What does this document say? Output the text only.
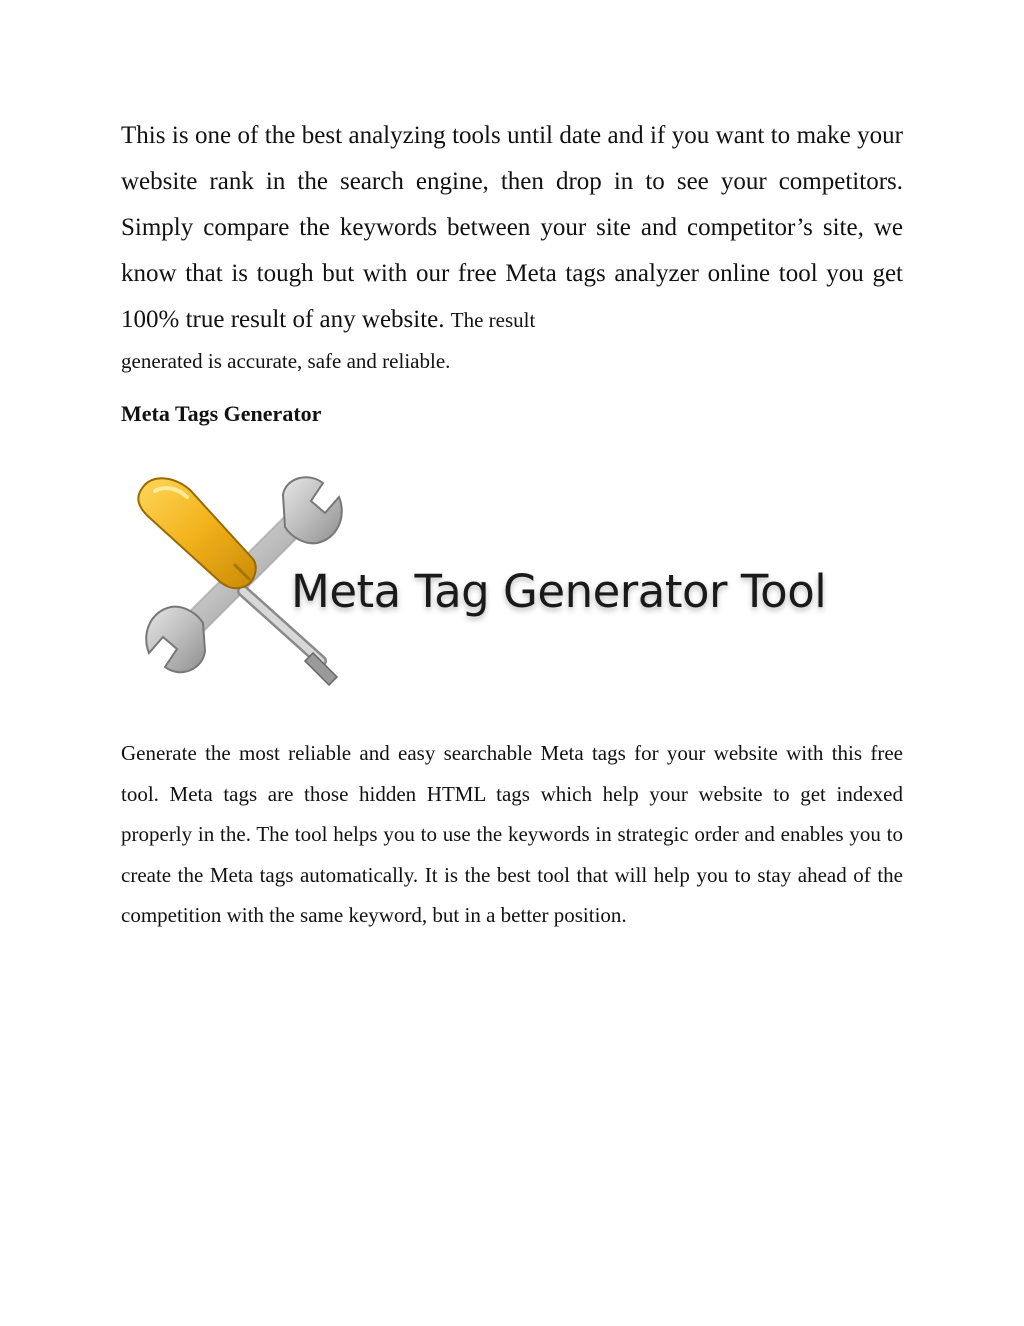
This is one of the best analyzing tools until date and if you want to make your website rank in the search engine, then drop in to see your competitors. Simply compare the keywords between your site and competitor’s site, we know that is tough but with our free Meta tags analyzer online tool you get 100% true result of any website. The result
generated is accurate, safe and reliable.

Meta Tags Generator
Meta Tag Generator Tool

Generate the most reliable and easy searchable Meta tags for your website with this free tool. Meta tags are those hidden HTML tags which help your website to get indexed properly in the. The tool helps you to use the keywords in strategic order and enables you to create the Meta tags automatically. It is the best tool that will help you to stay ahead of the competition with the same keyword, but in a better position.
